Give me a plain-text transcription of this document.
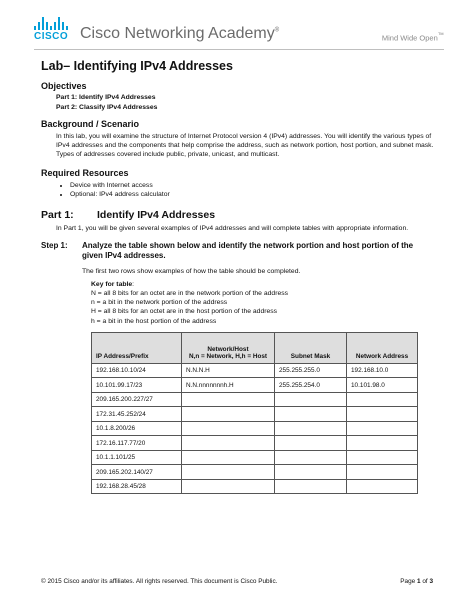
CISCO Cisco Networking Academy®
Mind Wide Open™
Lab– Identifying IPv4 Addresses
Objectives
Part 1: Identify IPv4 Addresses
Part 2: Classify IPv4 Addresses
Background / Scenario
In this lab, you will examine the structure of Internet Protocol version 4 (IPv4) addresses. You will identify the various types of IPv4 addresses and the components that help comprise the address, such as network portion, host portion, and subnet mask. Types of addresses covered include public, private, unicast, and multicast.
Required Resources
• Device with Internet access
• Optional: IPv4 address calculator
Part 1: Identify IPv4 Addresses
In Part 1, you will be given several examples of IPv4 addresses and will complete tables with appropriate information.
Step 1:	Analyze the table shown below and identify the network portion and host portion of the given IPv4 addresses.
The first two rows show examples of how the table should be completed.
Key for table:
N = all 8 bits for an octet are in the network portion of the address
n = a bit in the network portion of the address
H = all 8 bits for an octet are in the host portion of the address
h = a bit in the host portion of the address
IP Address/Prefix	Network/Host
N,n = Network, H,h = Host	Subnet Mask	Network Address
192.168.10.10/24	N.N.N.H	255.255.255.0	192.168.10.0
10.101.99.17/23	N.N.nnnnnnnh.H	255.255.254.0	10.101.98.0
209.165.200.227/27			
172.31.45.252/24			
10.1.8.200/26			
172.16.117.77/20			
10.1.1.101/25			
209.165.202.140/27			
192.168.28.45/28			
© 2015 Cisco and/or its affiliates. All rights reserved. This document is Cisco Public.	Page 1 of 3
